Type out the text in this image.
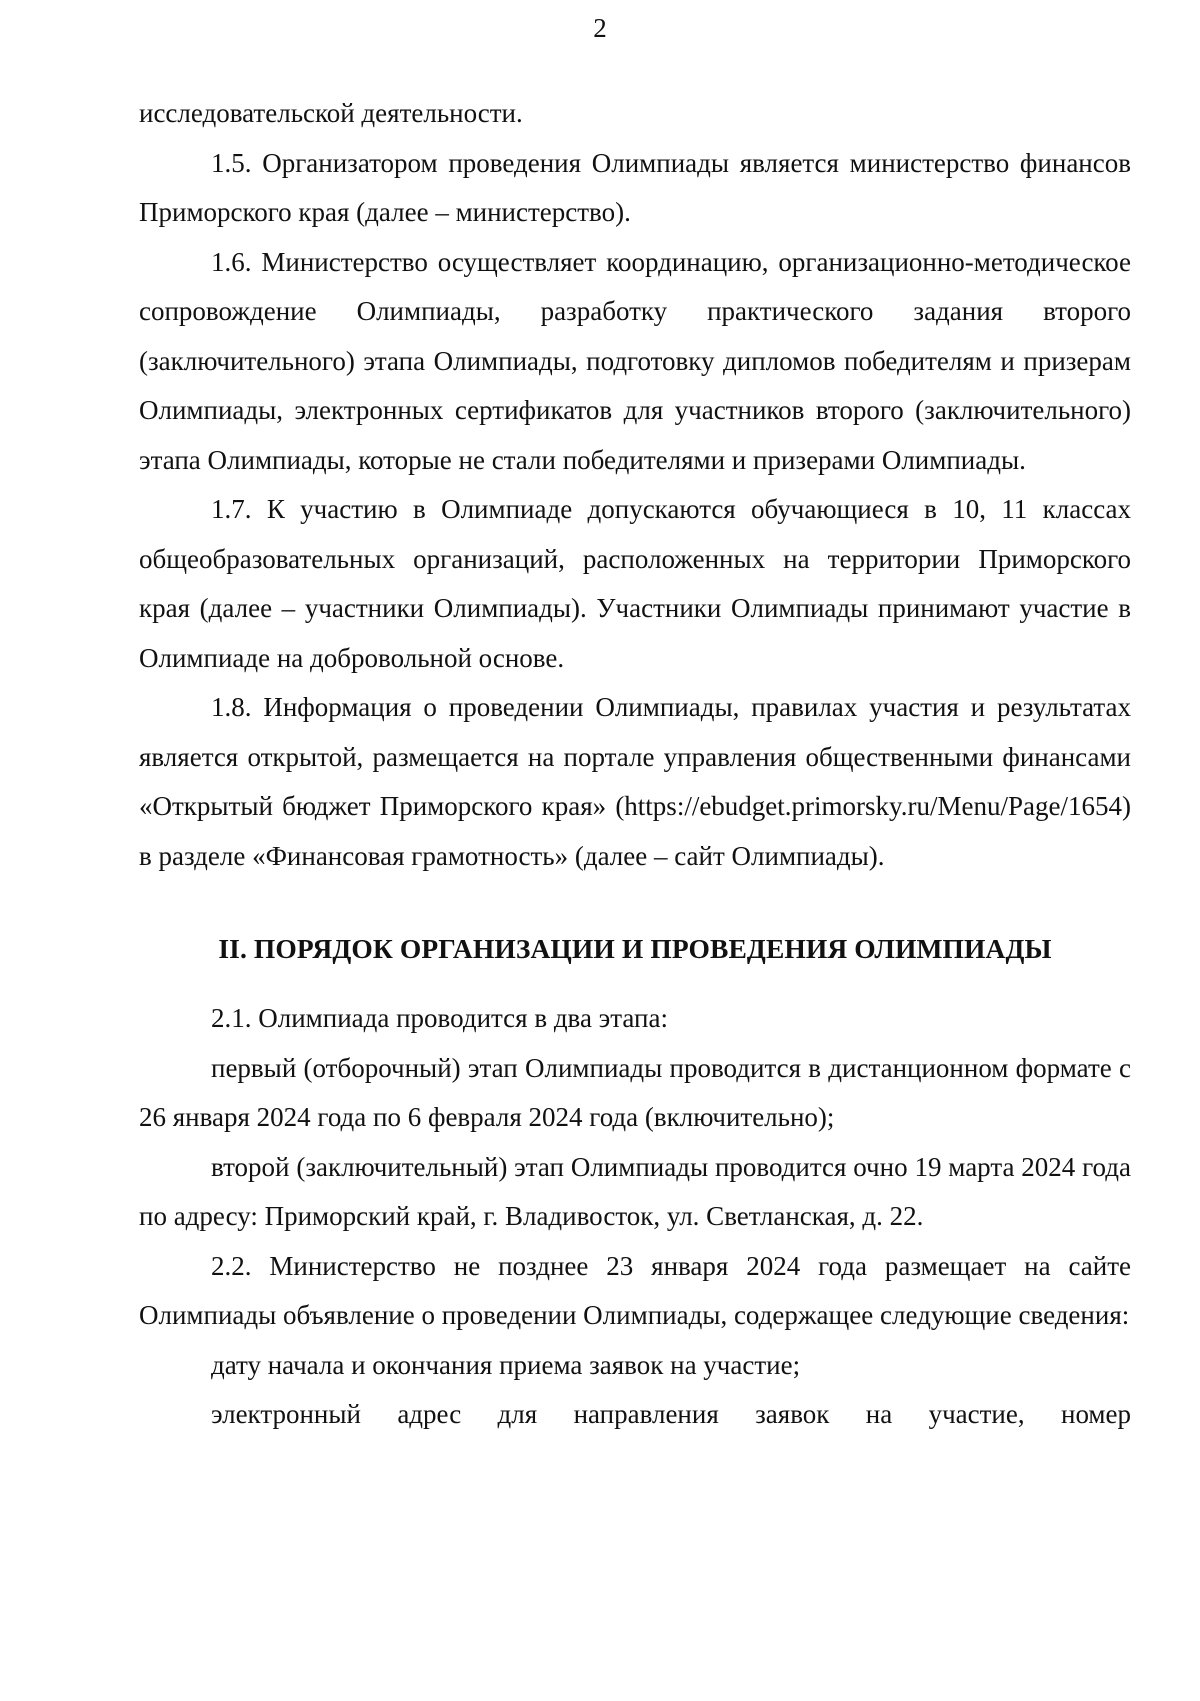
2

исследовательской деятельности.

1.5. Организатором проведения Олимпиады является министерство финансов Приморского края (далее – министерство).

1.6. Министерство осуществляет координацию, организационно-методическое сопровождение Олимпиады, разработку практического задания второго (заключительного) этапа Олимпиады, подготовку дипломов победителям и призерам Олимпиады, электронных сертификатов для участников второго (заключительного) этапа Олимпиады, которые не стали победителями и призерами Олимпиады.

1.7. К участию в Олимпиаде допускаются обучающиеся в 10, 11 классах общеобразовательных организаций, расположенных на территории Приморского края (далее – участники Олимпиады). Участники Олимпиады принимают участие в Олимпиаде на добровольной основе.

1.8. Информация о проведении Олимпиады, правилах участия и результатах является открытой, размещается на портале управления общественными финансами «Открытый бюджет Приморского края» (https://ebudget.primorsky.ru/Menu/Page/1654) в разделе «Финансовая грамотность» (далее – сайт Олимпиады).

II. ПОРЯДОК ОРГАНИЗАЦИИ И ПРОВЕДЕНИЯ ОЛИМПИАДЫ

2.1. Олимпиада проводится в два этапа:

первый (отборочный) этап Олимпиады проводится в дистанционном формате с 26 января 2024 года по 6 февраля 2024 года (включительно);

второй (заключительный) этап Олимпиады проводится очно 19 марта 2024 года по адресу: Приморский край, г. Владивосток, ул. Светланская, д. 22.

2.2. Министерство не позднее 23 января 2024 года размещает на сайте Олимпиады объявление о проведении Олимпиады, содержащее следующие сведения:

дату начала и окончания приема заявок на участие;

электронный адрес для направления заявок на участие, номер
